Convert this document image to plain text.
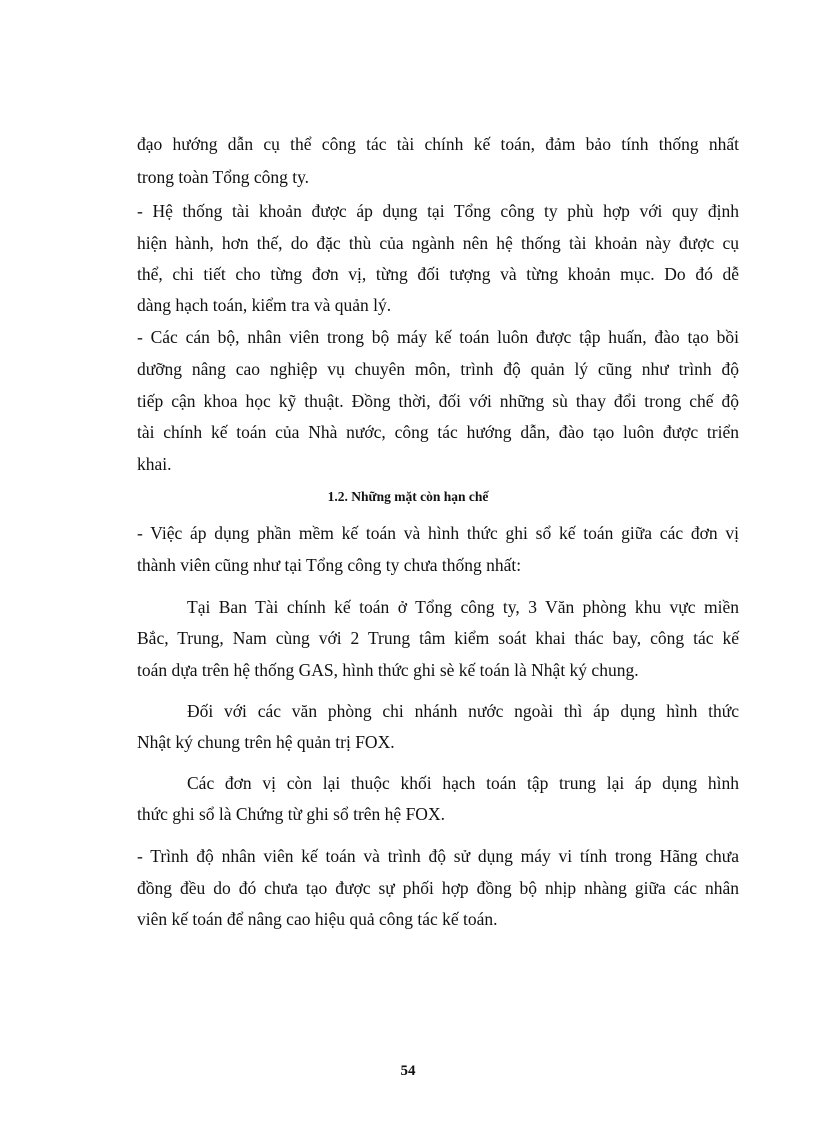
đạo hướng dẫn cụ thể công tác tài chính kế toán, đảm bảo tính thống nhất
trong toàn Tổng công ty.
- Hệ thống tài khoản được áp dụng tại Tổng công ty phù hợp với quy định
hiện hành, hơn thế, do đặc thù của ngành nên hệ thống tài khoản này được cụ
thể, chi tiết cho từng đơn vị, từng đối tượng và từng khoản mục. Do đó dễ
dàng hạch toán, kiểm tra và quản lý.
- Các cán bộ, nhân viên trong bộ máy kế toán luôn được tập huấn, đào tạo bồi
dưỡng nâng cao nghiệp vụ chuyên môn, trình độ quản lý cũng như trình độ
tiếp cận khoa học kỹ thuật. Đồng thời, đối với những sù thay đổi trong chế độ
tài chính kế toán của Nhà nước, công tác hướng dẫn, đào tạo luôn được triển
khai.
1.2. Những mặt còn hạn chế
- Việc áp dụng phần mềm kế toán và hình thức ghi sổ kế toán giữa các đơn vị
thành viên cũng như tại Tổng công ty chưa thống nhất:
Tại Ban Tài chính kế toán ở Tổng công ty, 3 Văn phòng khu vực miền
Bắc, Trung, Nam cùng với 2 Trung tâm kiểm soát khai thác bay, công tác kế
toán dựa trên hệ thống GAS, hình thức ghi sè kế toán là Nhật ký chung.
Đối với các văn phòng chi nhánh nước ngoài thì áp dụng hình thức
Nhật ký chung trên hệ quản trị FOX.
Các đơn vị còn lại thuộc khối hạch toán tập trung lại áp dụng hình
thức ghi sổ là Chứng từ ghi sổ trên hệ FOX.
- Trình độ nhân viên kế toán và trình độ sử dụng máy vi tính trong Hãng chưa
đồng đều do đó chưa tạo được sự phối hợp đồng bộ nhịp nhàng giữa các nhân
viên kế toán để nâng cao hiệu quả công tác kế toán.
54
